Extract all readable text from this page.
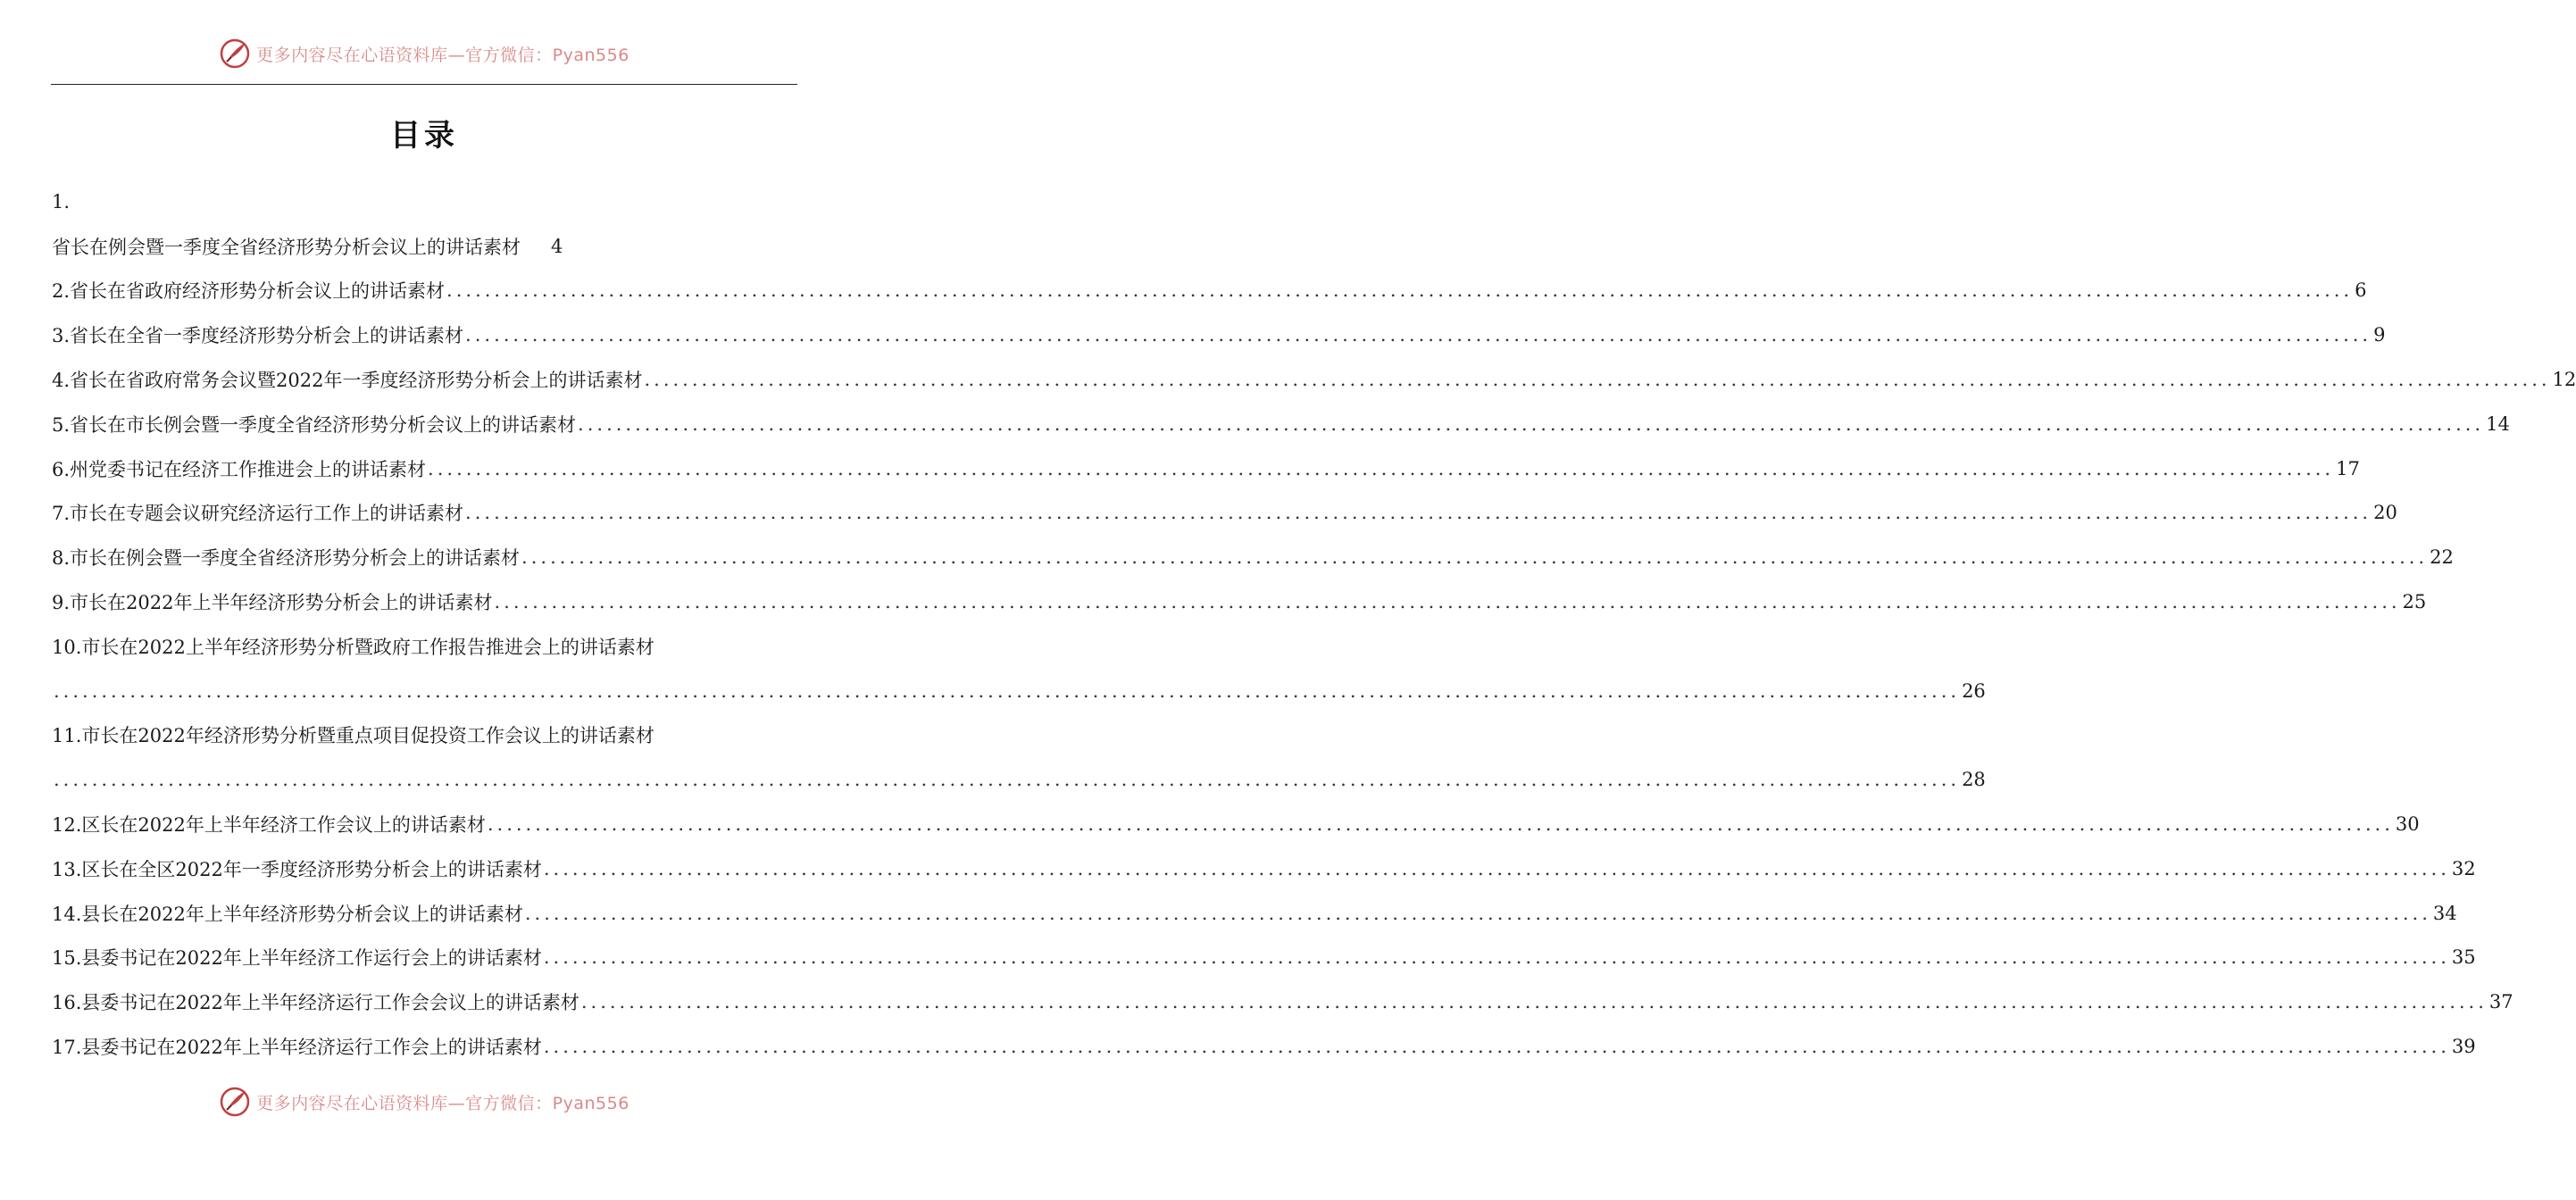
更多内容尽在心语资料库—官方微信：Pyan556
目录
1.
省长在例会暨一季度全省经济形势分析会议上的讲话素材	4
2.省长在省政府经济形势分析会议上的讲话素材 ........................................................................................................................................................................................................ 6
3.省长在全省一季度经济形势分析会上的讲话素材 ........................................................................................................................................................................................................ 9
4.省长在省政府常务会议暨2022年一季度经济形势分析会上的讲话素材 ........................................................................................................................................................................................................ 12
5.省长在市长例会暨一季度全省经济形势分析会议上的讲话素材 ........................................................................................................................................................................................................ 14
6.州党委书记在经济工作推进会上的讲话素材 ........................................................................................................................................................................................................ 17
7.市长在专题会议研究经济运行工作上的讲话素材 ........................................................................................................................................................................................................ 20
8.市长在例会暨一季度全省经济形势分析会上的讲话素材 ........................................................................................................................................................................................................ 22
9.市长在2022年上半年经济形势分析会上的讲话素材 ........................................................................................................................................................................................................ 25
10.市长在2022上半年经济形势分析暨政府工作报告推进会上的讲话素材
........................................................................................................................................................................................................ 26
11.市长在2022年经济形势分析暨重点项目促投资工作会议上的讲话素材
........................................................................................................................................................................................................ 28
12.区长在2022年上半年经济工作会议上的讲话素材 ........................................................................................................................................................................................................ 30
13.区长在全区2022年一季度经济形势分析会上的讲话素材 ........................................................................................................................................................................................................ 32
14.县长在2022年上半年经济形势分析会议上的讲话素材 ........................................................................................................................................................................................................ 34
15.县委书记在2022年上半年经济工作运行会上的讲话素材 ........................................................................................................................................................................................................ 35
16.县委书记在2022年上半年经济运行工作会会议上的讲话素材 ........................................................................................................................................................................................................ 37
17.县委书记在2022年上半年经济运行工作会上的讲话素材 ........................................................................................................................................................................................................ 39
更多内容尽在心语资料库—官方微信：Pyan556
